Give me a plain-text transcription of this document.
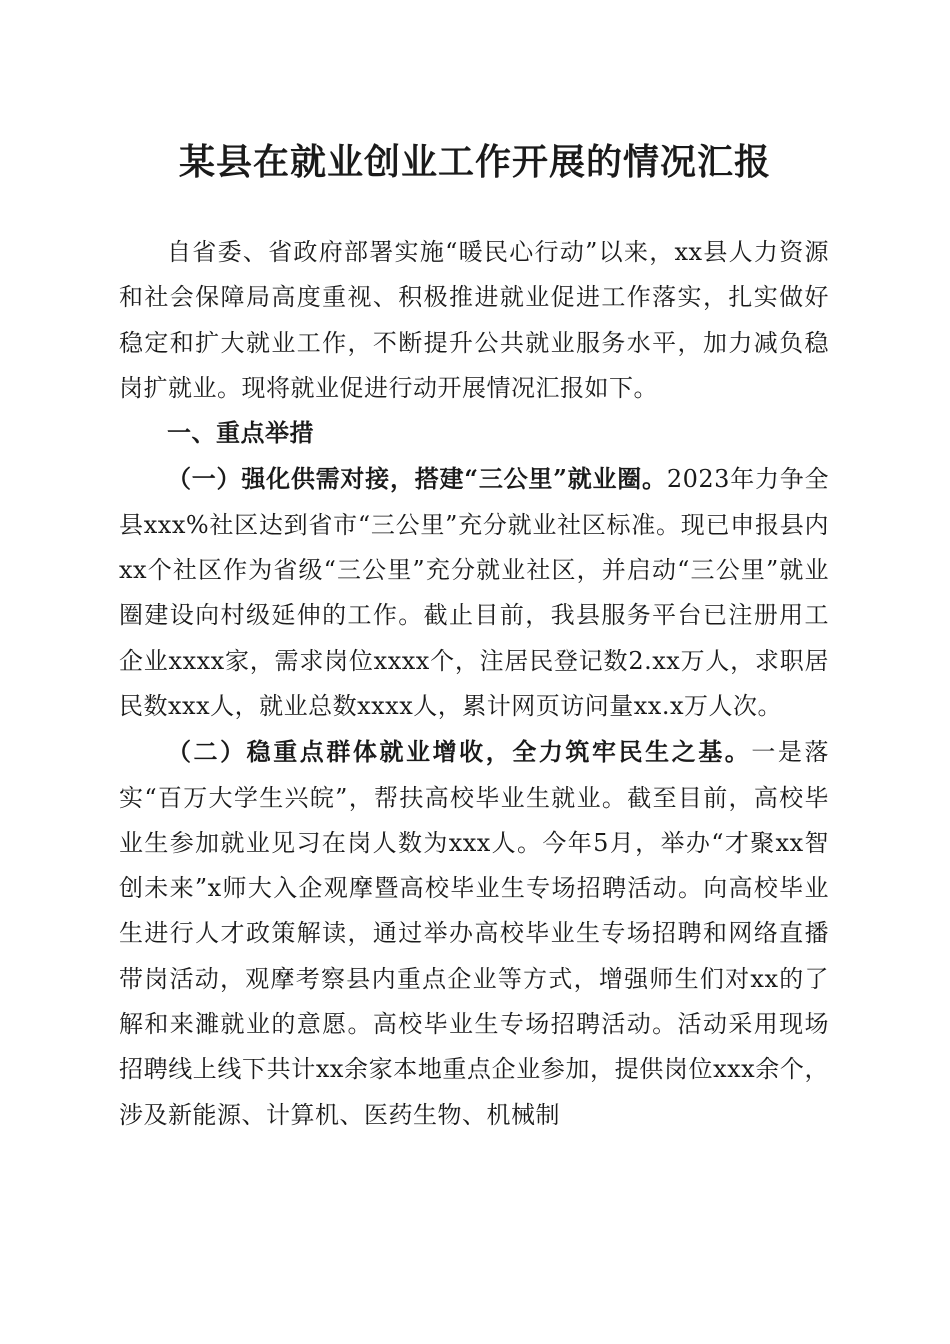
某县在就业创业工作开展的情况汇报

自省委、省政府部署实施“暖民心行动”以来，xx县人力资源和社会保障局高度重视、积极推进就业促进工作落实，扎实做好稳定和扩大就业工作，不断提升公共就业服务水平，加力减负稳岗扩就业。现将就业促进行动开展情况汇报如下。

一、重点举措

（一）强化供需对接，搭建“三公里”就业圈。2023年力争全县xxx%社区达到省市“三公里”充分就业社区标准。现已申报县内xx个社区作为省级“三公里”充分就业社区，并启动“三公里”就业圈建设向村级延伸的工作。截止目前，我县服务平台已注册用工企业xxxx家，需求岗位xxxx个，注居民登记数2.xx万人，求职居民数xxx人，就业总数xxxx人，累计网页访问量xx.x万人次。

（二）稳重点群体就业增收，全力筑牢民生之基。一是落实“百万大学生兴皖”，帮扶高校毕业生就业。截至目前，高校毕业生参加就业见习在岗人数为xxx人。今年5月，举办“才聚xx智创未来”x师大入企观摩暨高校毕业生专场招聘活动。向高校毕业生进行人才政策解读，通过举办高校毕业生专场招聘和网络直播带岗活动，观摩考察县内重点企业等方式，增强师生们对xx的了解和来濉就业的意愿。高校毕业生专场招聘活动。活动采用现场招聘线上线下共计xx余家本地重点企业参加，提供岗位xxx余个，涉及新能源、计算机、医药生物、机械制
